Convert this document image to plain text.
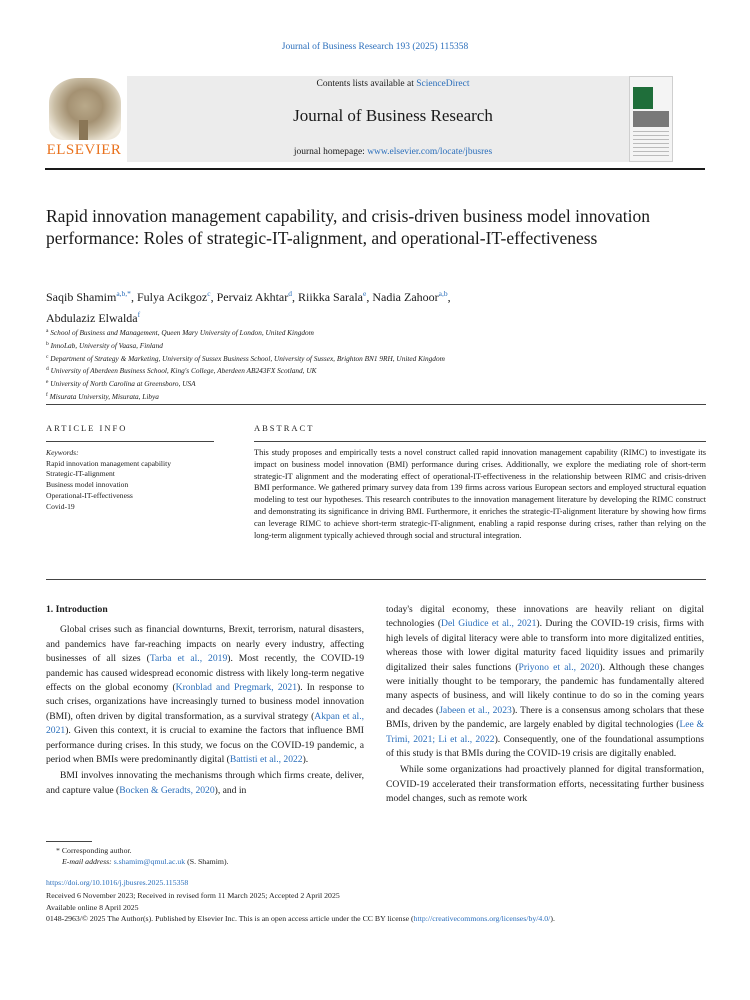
Journal of Business Research 193 (2025) 115358
ELSEVIER
Contents lists available at ScienceDirect
Journal of Business Research
journal homepage: www.elsevier.com/locate/jbusres
Rapid innovation management capability, and crisis-driven business model innovation performance: Roles of strategic-IT-alignment, and operational-IT-effectiveness
Saqib Shamim$^{a,b,*}$, Fulya Acikgoz$^c$, Pervaiz Akhtar$^d$, Riikka Sarala$^e$, Nadia Zahoor$^{a,b}$,
Abdulaziz Elwalda$^f$
$^a$ School of Business and Management, Queen Mary University of London, United Kingdom
$^b$ InnoLab, University of Vaasa, Finland
$^c$ Department of Strategy & Marketing, University of Sussex Business School, University of Sussex, Brighton BN1 9RH, United Kingdom
$^d$ University of Aberdeen Business School, King's College, Aberdeen AB243FX Scotland, UK
$^e$ University of North Carolina at Greensboro, USA
$^f$ Misurata University, Misurata, Libya
ARTICLE INFO	ABSTRACT
Keywords:
Rapid innovation management capability
Strategic-IT-alignment
Business model innovation
Operational-IT-effectiveness
Covid-19
This study proposes and empirically tests a novel construct called rapid innovation management capability (RIMC) to investigate its impact on business model innovation (BMI) performance during crises. Additionally, we explore the mediating role of short-term strategic-IT alignment and the moderating effect of operational-IT-effectiveness in the relationship between RIMC and crisis-driven BMI performance. We gathered primary survey data from 139 firms across various European sectors and employed structural equation modeling to test our hypotheses. This research contributes to the innovation management literature by developing the RIMC construct and demonstrating its significance in driving BMI. Furthermore, it enriches the strategic-IT-alignment literature by showing how firms can leverage RIMC to achieve short-term strategic-IT-alignment, enabling a rapid response during crises, rather than relying on the long-term alignment typically achieved through social and structural integration.
1. Introduction

Global crises such as financial downturns, Brexit, terrorism, natural disasters, and pandemics have far-reaching impacts on nearly every industry, affecting businesses of all sizes (Tarba et al., 2019). Most recently, the COVID-19 pandemic has caused widespread economic distress with likely long-term negative effects on the global economy (Kronblad and Pregmark, 2021). In response to such crises, organizations have increasingly turned to business model innovation (BMI), often driven by digital transformation, as a survival strategy (Akpan et al., 2021). Given this context, it is crucial to examine the factors that influence BMI performance during crises. In this study, we focus on the COVID-19 pandemic, a period when BMIs were predominantly digital (Battisti et al., 2022).

BMI involves innovating the mechanisms through which firms create, deliver, and capture value (Bocken & Geradts, 2020), and in

today's digital economy, these innovations are heavily reliant on digital technologies (Del Giudice et al., 2021). During the COVID-19 crisis, firms with high levels of digital literacy were able to transform into more digitalized entities, whereas those with lower digital maturity faced liquidity issues and primarily digitalized their sales functions (Priyono et al., 2020). Although these changes were initially thought to be temporary, the pandemic has fundamentally altered many aspects of business, and will likely continue to do so in the coming years and decades (Jabeen et al., 2023). There is a consensus among scholars that these BMIs, driven by the pandemic, are largely enabled by digital technologies (Lee & Trimi, 2021; Li et al., 2022). Consequently, one of the foundational assumptions of this study is that BMIs during the COVID-19 crisis are digitally enabled.

While some organizations had proactively planned for digital transformation, COVID-19 accelerated their transformation efforts, necessitating further business model changes, such as remote work

* Corresponding author.
E-mail address: s.shamim@qmul.ac.uk (S. Shamim).
https://doi.org/10.1016/j.jbusres.2025.115358
Received 6 November 2023; Received in revised form 11 March 2025; Accepted 2 April 2025
Available online 8 April 2025
0148-2963/© 2025 The Author(s). Published by Elsevier Inc. This is an open access article under the CC BY license (http://creativecommons.org/licenses/by/4.0/).
